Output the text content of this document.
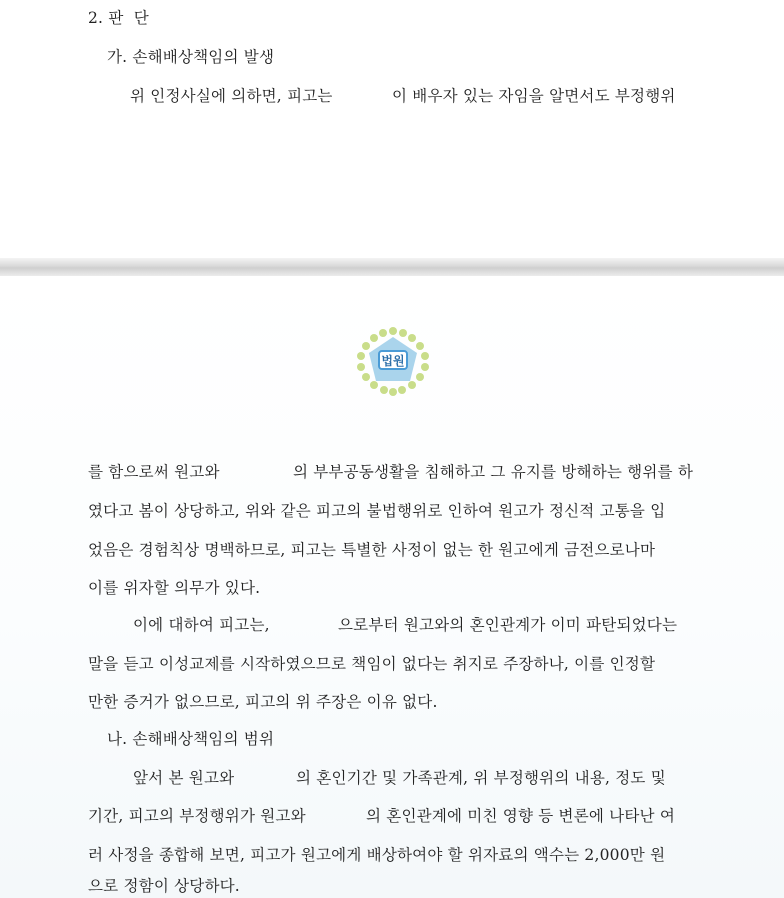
2. 판  단
가. 손해배상책임의 발생
위 인정사실에 의하면, 피고는	이 배우자 있는 자임을 알면서도 부정행위
법원
를 함으로써 원고와	의 부부공동생활을 침해하고 그 유지를 방해하는 행위를 하
였다고 봄이 상당하고, 위와 같은 피고의 불법행위로 인하여 원고가 정신적 고통을 입
었음은 경험칙상 명백하므로, 피고는 특별한 사정이 없는 한 원고에게 금전으로나마
이를 위자할 의무가 있다.
이에 대하여 피고는,	으로부터 원고와의 혼인관계가 이미 파탄되었다는
말을 듣고 이성교제를 시작하였으므로 책임이 없다는 취지로 주장하나, 이를 인정할
만한 증거가 없으므로, 피고의 위 주장은 이유 없다.
나. 손해배상책임의 범위
앞서 본 원고와	의 혼인기간 및 가족관계, 위 부정행위의 내용, 정도 및
기간, 피고의 부정행위가 원고와	의 혼인관계에 미친 영향 등 변론에 나타난 여
러 사정을 종합해 보면, 피고가 원고에게 배상하여야 할 위자료의 액수는 2,000만 원
으로 정함이 상당하다.
